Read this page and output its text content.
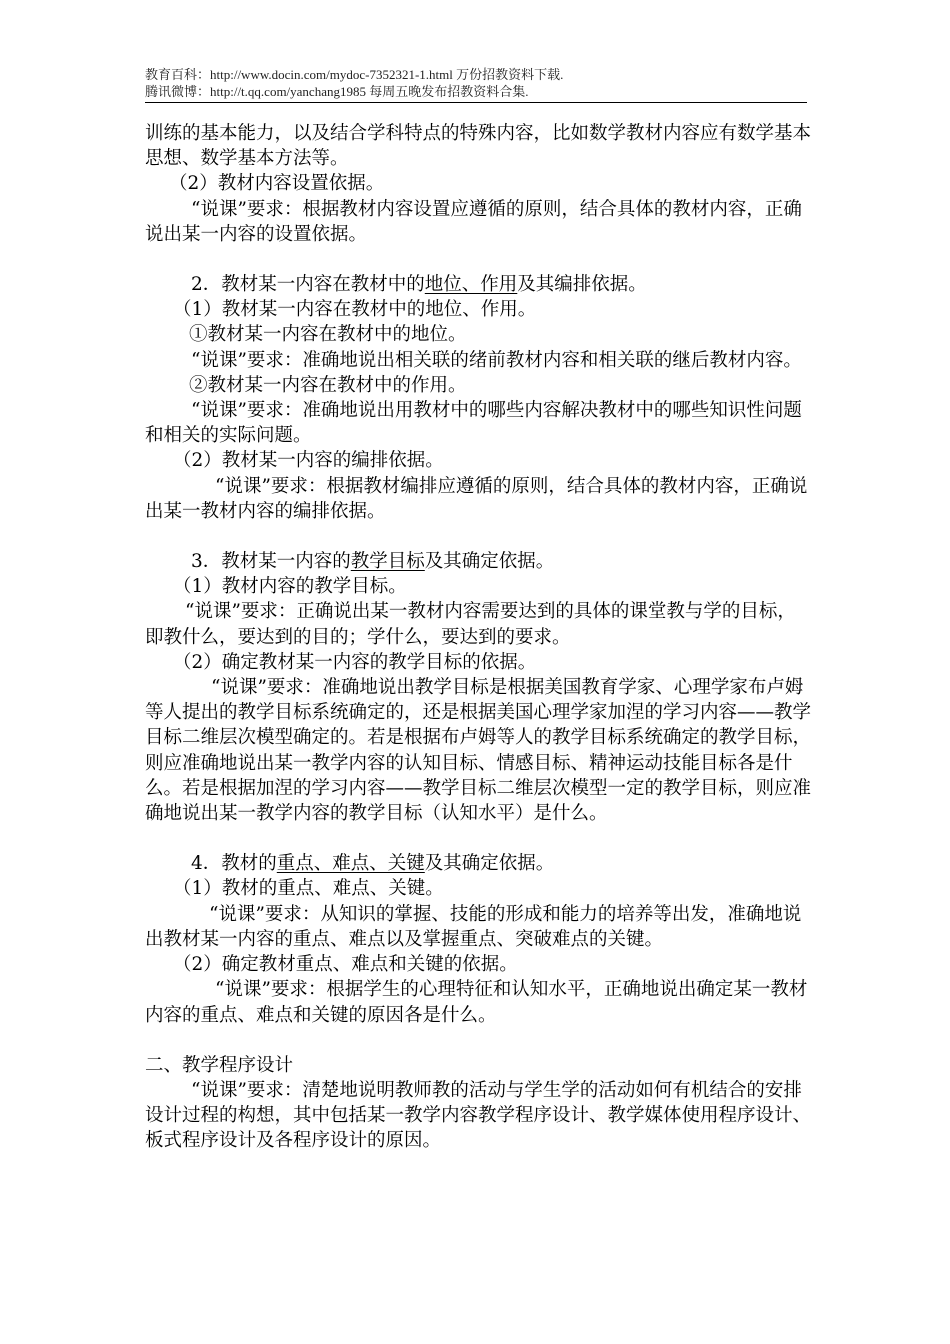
教育百科：http://www.docin.com/mydoc-7352321-1.html 万份招教资料下载.
腾讯微博：http://t.qq.com/yanchang1985 每周五晚发布招教资料合集.

训练的基本能力，以及结合学科特点的特殊内容，比如数学教材内容应有数学基本思想、数学基本方法等。

（2）教材内容设置依据。

“说课”要求：根据教材内容设置应遵循的原则，结合具体的教材内容，正确说出某一内容的设置依据。

2．教材某一内容在教材中的地位、作用及其编排依据。

（1）教材某一内容在教材中的地位、作用。

①教材某一内容在教材中的地位。

“说课”要求：准确地说出相关联的绪前教材内容和相关联的继后教材内容。

②教材某一内容在教材中的作用。

“说课”要求：准确地说出用教材中的哪些内容解决教材中的哪些知识性问题和相关的实际问题。

（2）教材某一内容的编排依据。

“说课”要求：根据教材编排应遵循的原则，结合具体的教材内容，正确说出某一教材内容的编排依据。

3．教材某一内容的教学目标及其确定依据。

（1）教材内容的教学目标。

“说课”要求：正确说出某一教材内容需要达到的具体的课堂教与学的目标，即教什么，要达到的目的；学什么，要达到的要求。

（2）确定教材某一内容的教学目标的依据。

“说课”要求：准确地说出教学目标是根据美国教育学家、心理学家布卢姆等人提出的教学目标系统确定的，还是根据美国心理学家加涅的学习内容——教学目标二维层次模型确定的。若是根据布卢姆等人的教学目标系统确定的教学目标，则应准确地说出某一教学内容的认知目标、情感目标、精神运动技能目标各是什么。若是根据加涅的学习内容——教学目标二维层次模型一定的教学目标，则应准确地说出某一教学内容的教学目标（认知水平）是什么。

4．教材的重点、难点、关键及其确定依据。

（1）教材的重点、难点、关键。

“说课”要求：从知识的掌握、技能的形成和能力的培养等出发，准确地说出教材某一内容的重点、难点以及掌握重点、突破难点的关键。

（2）确定教材重点、难点和关键的依据。

“说课”要求：根据学生的心理特征和认知水平，正确地说出确定某一教材内容的重点、难点和关键的原因各是什么。

二、教学程序设计

“说课”要求：清楚地说明教师教的活动与学生学的活动如何有机结合的安排设计过程的构想，其中包括某一教学内容教学程序设计、教学媒体使用程序设计、板式程序设计及各程序设计的原因。
